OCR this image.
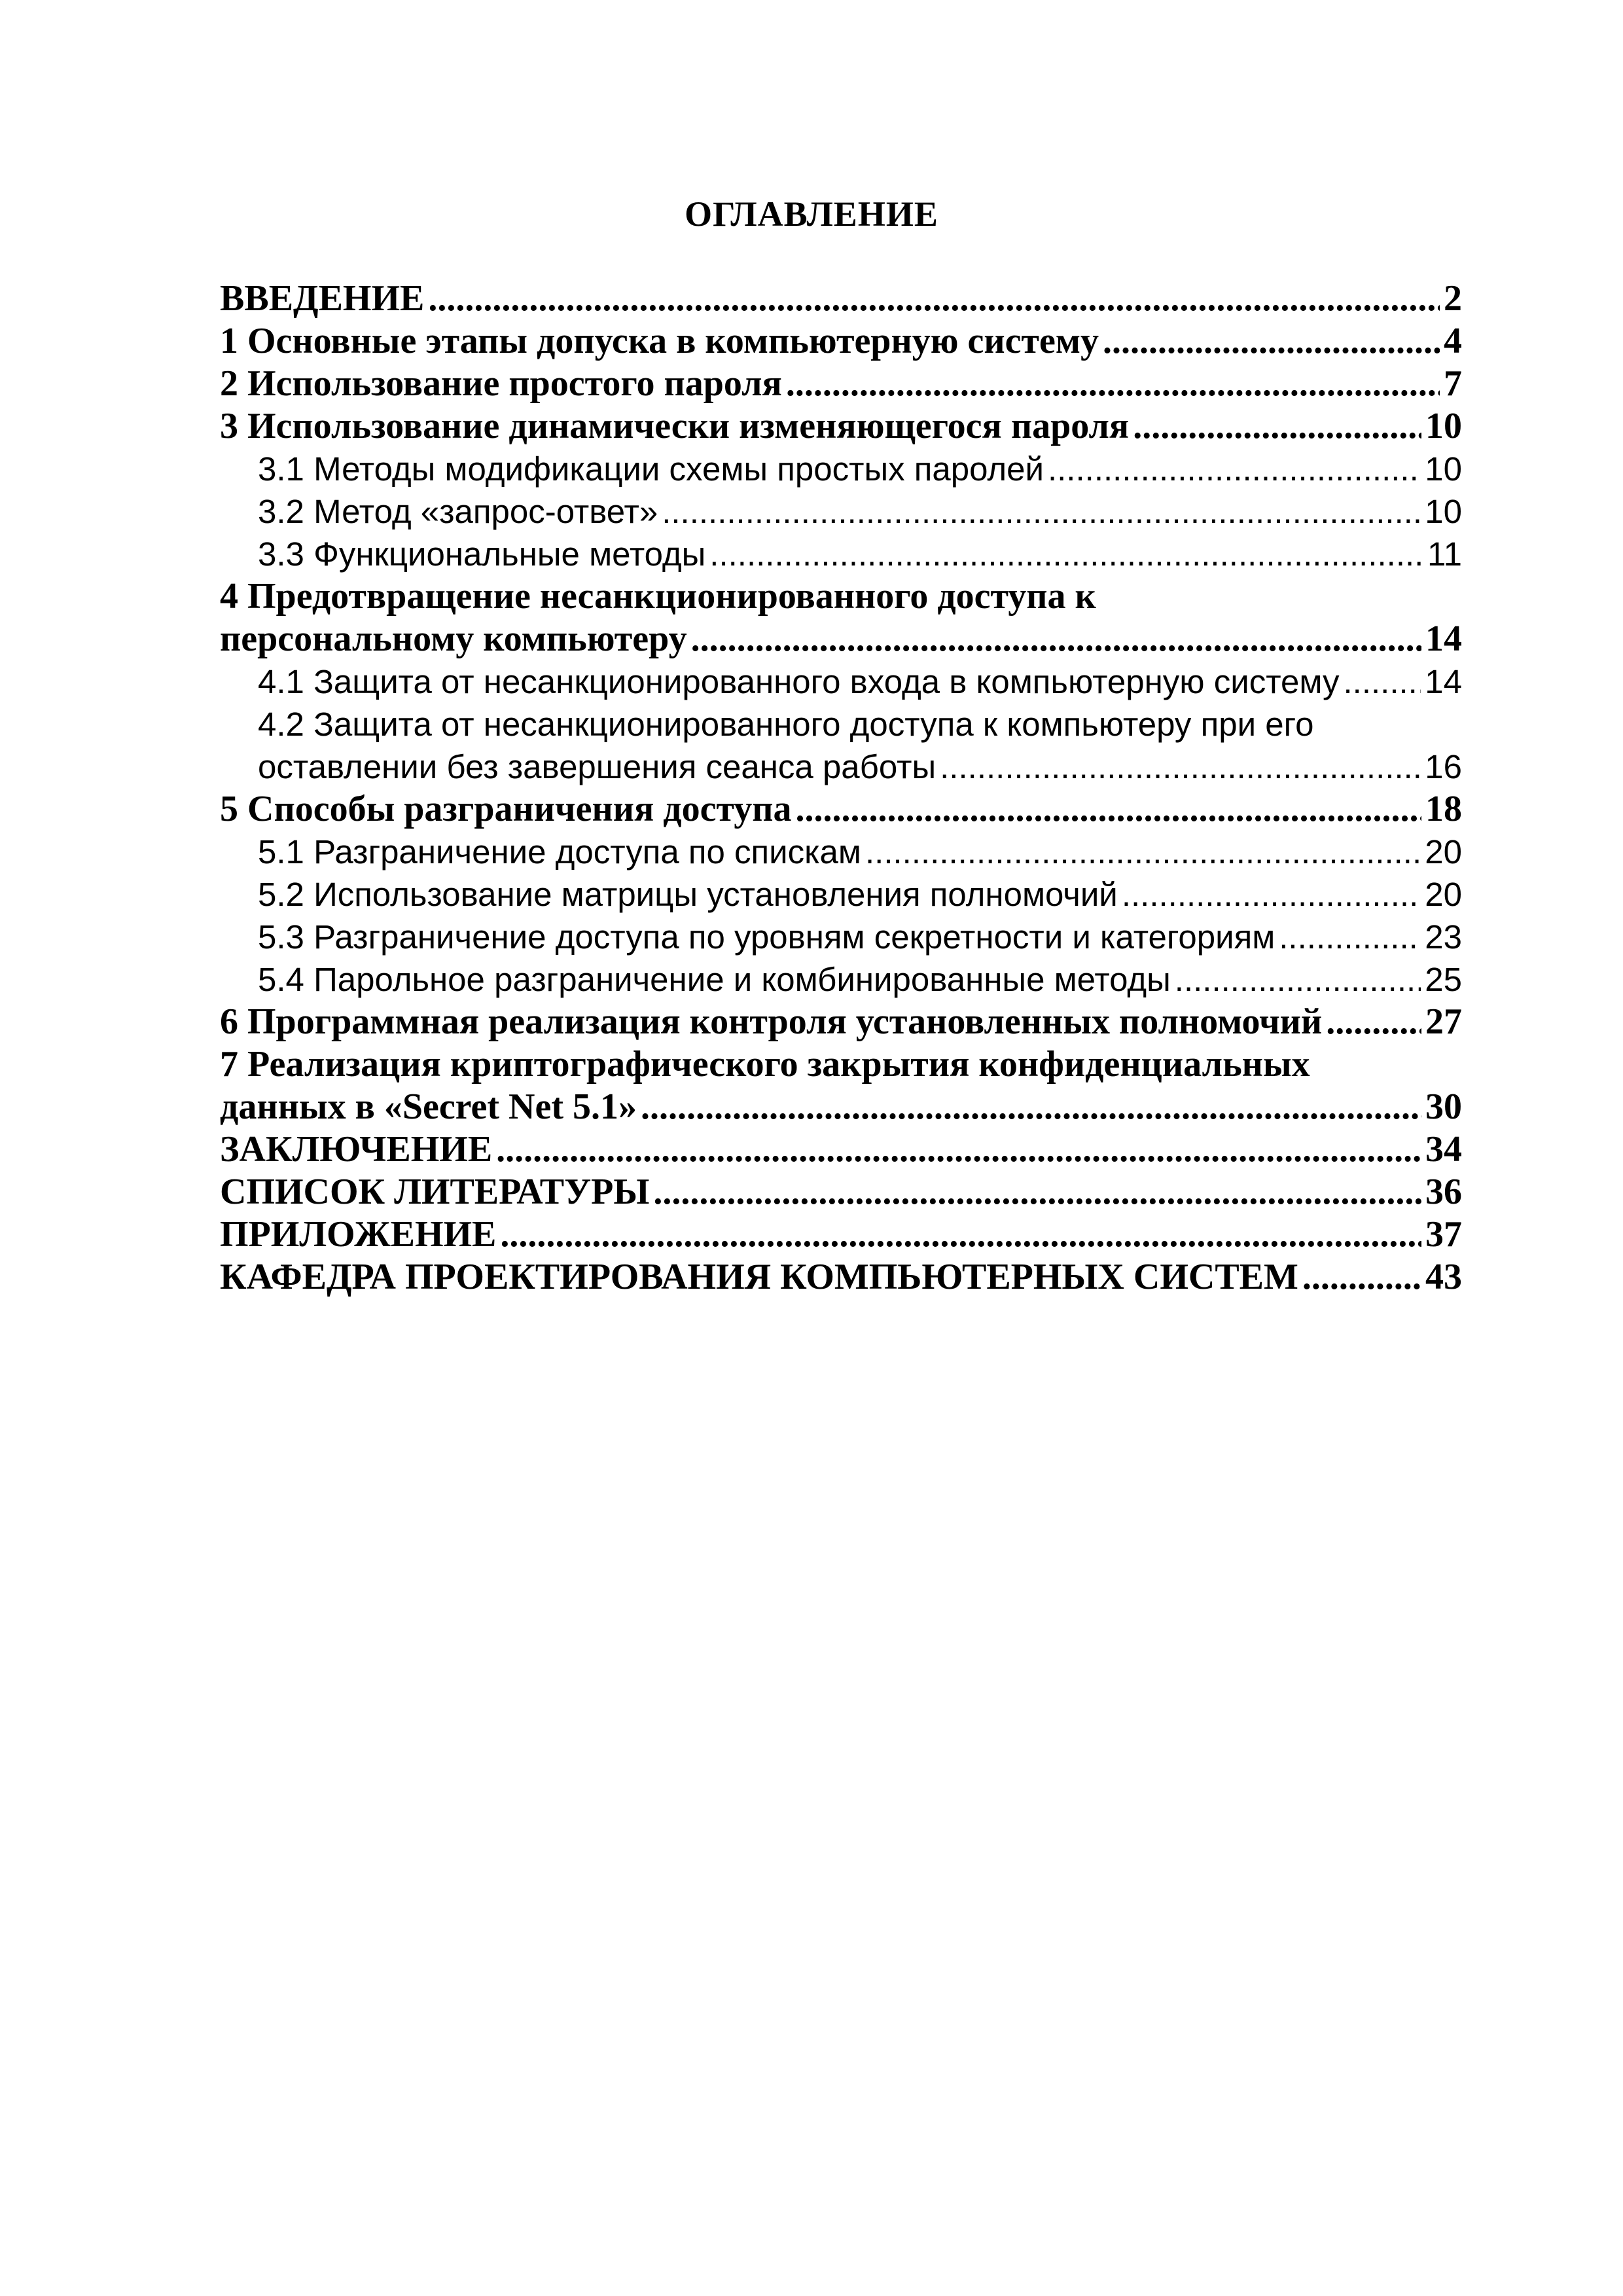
ОГЛАВЛЕНИЕ
ВВЕДЕНИЕ .....	2
1 Основные этапы допуска в компьютерную систему .....	4
2 Использование простого пароля .....	7
3 Использование динамически изменяющегося пароля .....	10
3.1 Методы модификации схемы простых паролей .....	10
3.2 Метод «запрос-ответ» .....	10
3.3 Функциональные методы .....	11
4 Предотвращение несанкционированного доступа к
персональному компьютеру .....	14
4.1 Защита от несанкционированного входа в компьютерную систему .....	14
4.2 Защита от несанкционированного доступа к компьютеру при его
оставлении без завершения сеанса работы .....	16
5 Способы разграничения доступа .....	18
5.1 Разграничение доступа по спискам .....	20
5.2 Использование матрицы установления полномочий .....	20
5.3 Разграничение доступа по уровням секретности и категориям .....	23
5.4 Парольное разграничение и комбинированные методы .....	25
6 Программная реализация контроля установленных полномочий .....	27
7 Реализация криптографического закрытия конфиденциальных
данных в «Secret Net 5.1» .....	30
ЗАКЛЮЧЕНИЕ .....	34
СПИСОК ЛИТЕРАТУРЫ .....	36
ПРИЛОЖЕНИЕ .....	37
КАФЕДРА ПРОЕКТИРОВАНИЯ КОМПЬЮТЕРНЫХ СИСТЕМ .....	43
